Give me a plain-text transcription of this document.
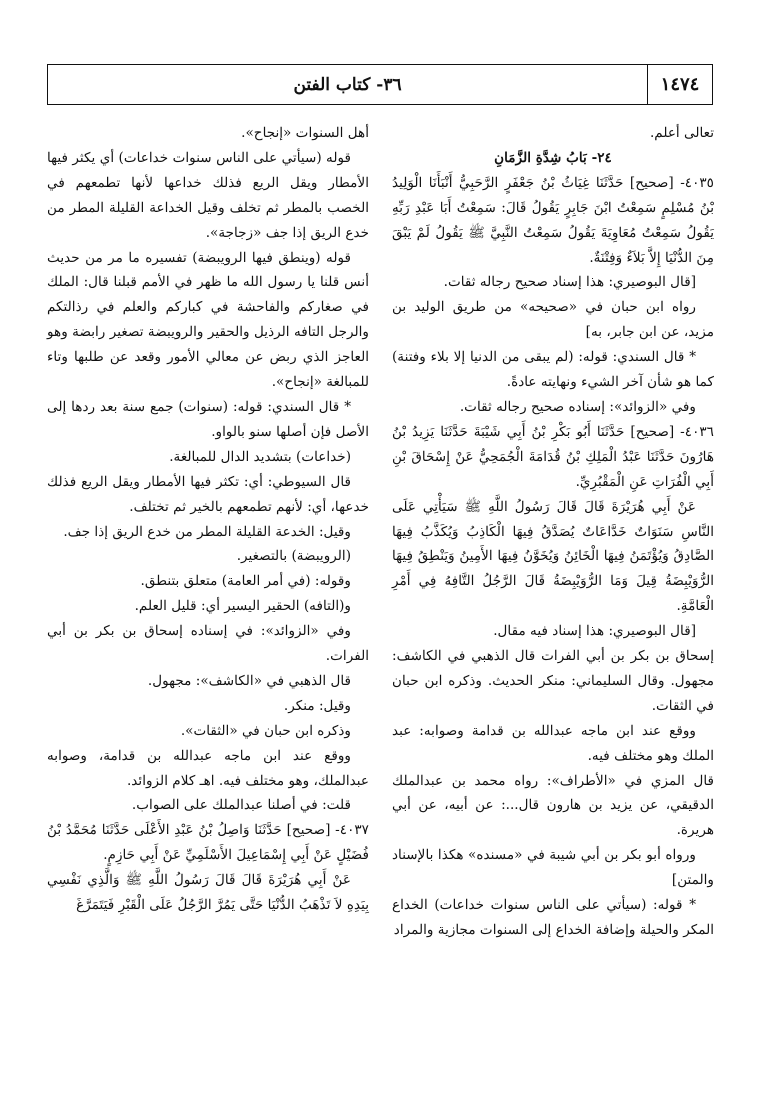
٣٦- كتاب الفتن	١٤٧٤

تعالى أعلم.

٢٤- بَابُ شِدَّةِ الزَّمَانِ

٤٠٣٥- [صحيح] حَدَّثَنَا غِيَاثُ بْنُ جَعْفَرٍ الرَّحَبِيُّ أَنْبَأَنَا الْوَلِيدُ بْنُ مُسْلِمٍ سَمِعْتُ ابْنَ جَابِرٍ يَقُولُ قَالَ: سَمِعْتُ أَبَا عَبْدِ رَبِّهِ يَقُولُ سَمِعْتُ مُعَاوِيَةَ يَقُولُ سَمِعْتُ النَّبِيَّ ﷺ يَقُولُ لَمْ يَبْقَ مِنَ الدُّنْيَا إِلاَّ بَلاَءٌ وَفِتْنَةٌ.

[قال البوصيري: هذا إسناد صحيح رجاله ثقات.

رواه ابن حبان في «صحيحه» من طريق الوليد بن مزيد، عن ابن جابر، به]

* قال السندي: قوله: (لم يبقى من الدنيا إلا بلاء وفتنة) كما هو شأن آخر الشيء ونهايته عادةً.

وفي «الزوائد»: إسناده صحيح رجاله ثقات.

٤٠٣٦- [صحيح] حَدَّثَنَا أَبُو بَكْرِ بْنُ أَبِي شَيْبَةَ حَدَّثَنَا يَزِيدُ بْنُ هَارُونَ حَدَّثَنَا عَبْدُ الْمَلِكِ بْنُ قُدَامَةَ الْجُمَحِيُّ عَنْ إِسْحَاقَ بْنِ أَبِي الْفُرَاتِ عَنِ الْمَقْبُرِيِّ.

عَنْ أَبِي هُرَيْرَةَ قَالَ قَالَ رَسُولُ اللَّهِ ﷺ سَيَأْتِي عَلَى النَّاسِ سَنَوَاتٌ خَدَّاعَاتٌ يُصَدَّقُ فِيهَا الْكَاذِبُ وَيُكَذَّبُ فِيهَا الصَّادِقُ وَيُؤْتَمَنُ فِيهَا الْخَائِنُ وَيُخَوَّنُ فِيهَا الأَمِينُ وَيَنْطِقُ فِيهَا الرُّوَيْبِضَةُ قِيلَ وَمَا الرُّوَيْبِضَةُ قَالَ الرَّجُلُ التَّافِهُ فِي أَمْرِ الْعَامَّةِ.

[قال البوصيري: هذا إسناد فيه مقال.

إسحاق بن بكر بن أبي الفرات قال الذهبي في الكاشف: مجهول. وقال السليماني: منكر الحديث. وذكره ابن حبان في الثقات.

ووقع عند ابن ماجه عبدالله بن قدامة وصوابه: عبد الملك وهو مختلف فيه.

قال المزي في «الأطراف»: رواه محمد بن عبدالملك الدقيقي، عن يزيد بن هارون قال...: عن أبيه، عن أبي هريرة.

ورواه أبو بكر بن أبي شيبة في «مسنده» هكذا بالإسناد والمتن]

* قوله: (سيأتي على الناس سنوات خداعات) الخداع المكر والحيلة وإضافة الخداع إلى السنوات مجازية والمراد

أهل السنوات «إنجاح».

قوله (سيأتي على الناس سنوات خداعات) أي يكثر فيها الأمطار ويقل الريع فذلك خداعها لأنها تطمعهم في الخصب بالمطر ثم تخلف وقيل الخداعة القليلة المطر من خدع الريق إذا جف «زجاجة».

قوله (وينطق فيها الرويبضة) تفسيره ما مر من حديث أنس قلنا يا رسول الله ما ظهر في الأمم قبلنا قال: الملك في صغاركم والفاحشة في كباركم والعلم في رذالتكم والرجل التافه الرذيل والحقير والرويبضة تصغير رابضة وهو العاجز الذي ربض عن معالي الأمور وقعد عن طلبها وتاء للمبالغة «إنجاح».

* قال السندي: قوله: (سنوات) جمع سنة بعد ردها إلى الأصل فإن أصلها سنو بالواو.

(خداعات) بتشديد الدال للمبالغة.

قال السيوطي: أي: تكثر فيها الأمطار ويقل الريع فذلك خدعها، أي: لأنهم تطمعهم بالخير ثم تختلف.

وقيل: الخدعة القليلة المطر من خدع الريق إذا جف.

(الرويبضة) بالتصغير.

وقوله: (في أمر العامة) متعلق بتنطق.

و(التافه) الحقير اليسير أي: قليل العلم.

وفي «الزوائد»: في إسناده إسحاق بن بكر بن أبي الفرات.

قال الذهبي في «الكاشف»: مجهول.

وقيل: منكر.

وذكره ابن حبان في «الثقات».

ووقع عند ابن ماجه عبدالله بن قدامة، وصوابه عبدالملك، وهو مختلف فيه. اهـ كلام الزوائد.

قلت: في أصلنا عبدالملك على الصواب.

٤٠٣٧- [صحيح] حَدَّثَنَا وَاصِلُ بْنُ عَبْدِ الأَعْلَى حَدَّثَنَا مُحَمَّدُ بْنُ فُضَيْلٍ عَنْ أَبِي إِسْمَاعِيلَ الأَسْلَمِيِّ عَنْ أَبِي حَازِمٍ.

عَنْ أَبِي هُرَيْرَةَ قَالَ قَالَ رَسُولُ اللَّهِ ﷺ وَالَّذِي نَفْسِي بِيَدِهِ لاَ تَذْهَبُ الدُّنْيَا حَتَّى يَمُرَّ الرَّجُلُ عَلَى الْقَبْرِ فَيَتَمَرَّغَ
